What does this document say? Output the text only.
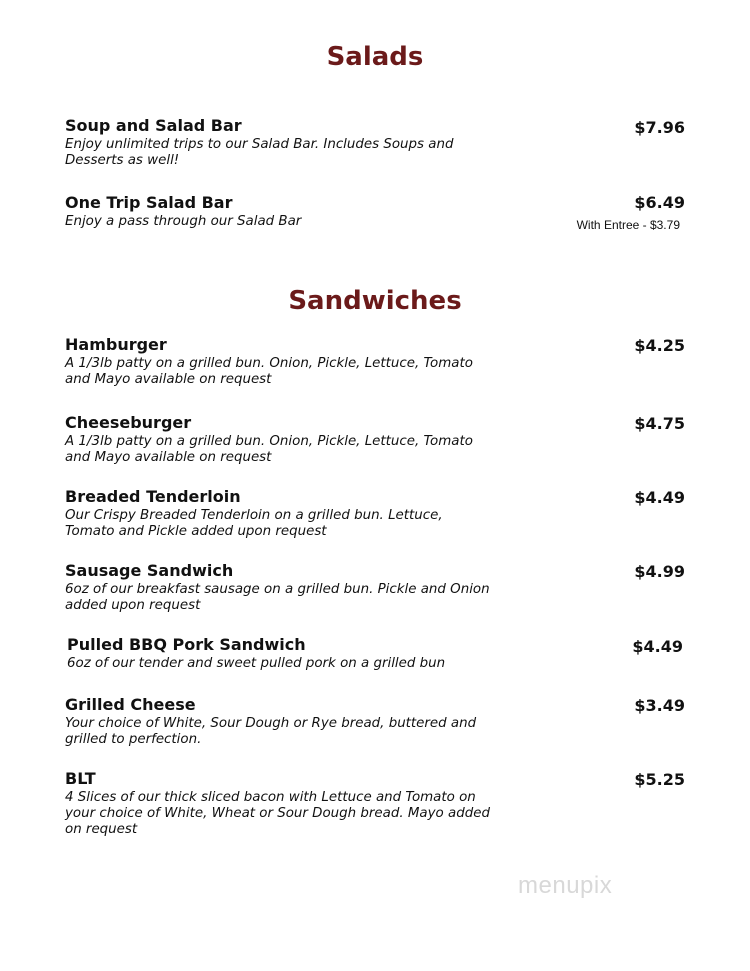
Salads
Soup and Salad Bar
Enjoy unlimited trips to our Salad Bar. Includes Soups and
Desserts as well!
$7.96
One Trip Salad Bar
Enjoy a pass through our Salad Bar
$6.49
With Entree - $3.79
Sandwiches
Hamburger
A 1/3lb patty on a grilled bun. Onion, Pickle, Lettuce, Tomato
and Mayo available on request
$4.25
Cheeseburger
A 1/3lb patty on a grilled bun. Onion, Pickle, Lettuce, Tomato
and Mayo available on request
$4.75
Breaded Tenderloin
Our Crispy Breaded Tenderloin on a grilled bun. Lettuce,
Tomato and Pickle added upon request
$4.49
Sausage Sandwich
6oz of our breakfast sausage on a grilled bun. Pickle and Onion
added upon request
$4.99
Pulled BBQ Pork Sandwich
6oz of our tender and sweet pulled pork on a grilled bun
$4.49
Grilled Cheese
Your choice of White, Sour Dough or Rye bread, buttered and
grilled to perfection.
$3.49
BLT
4 Slices of our thick sliced bacon with Lettuce and Tomato on
your choice of White, Wheat or Sour Dough bread. Mayo added
on request
$5.25
menupix
